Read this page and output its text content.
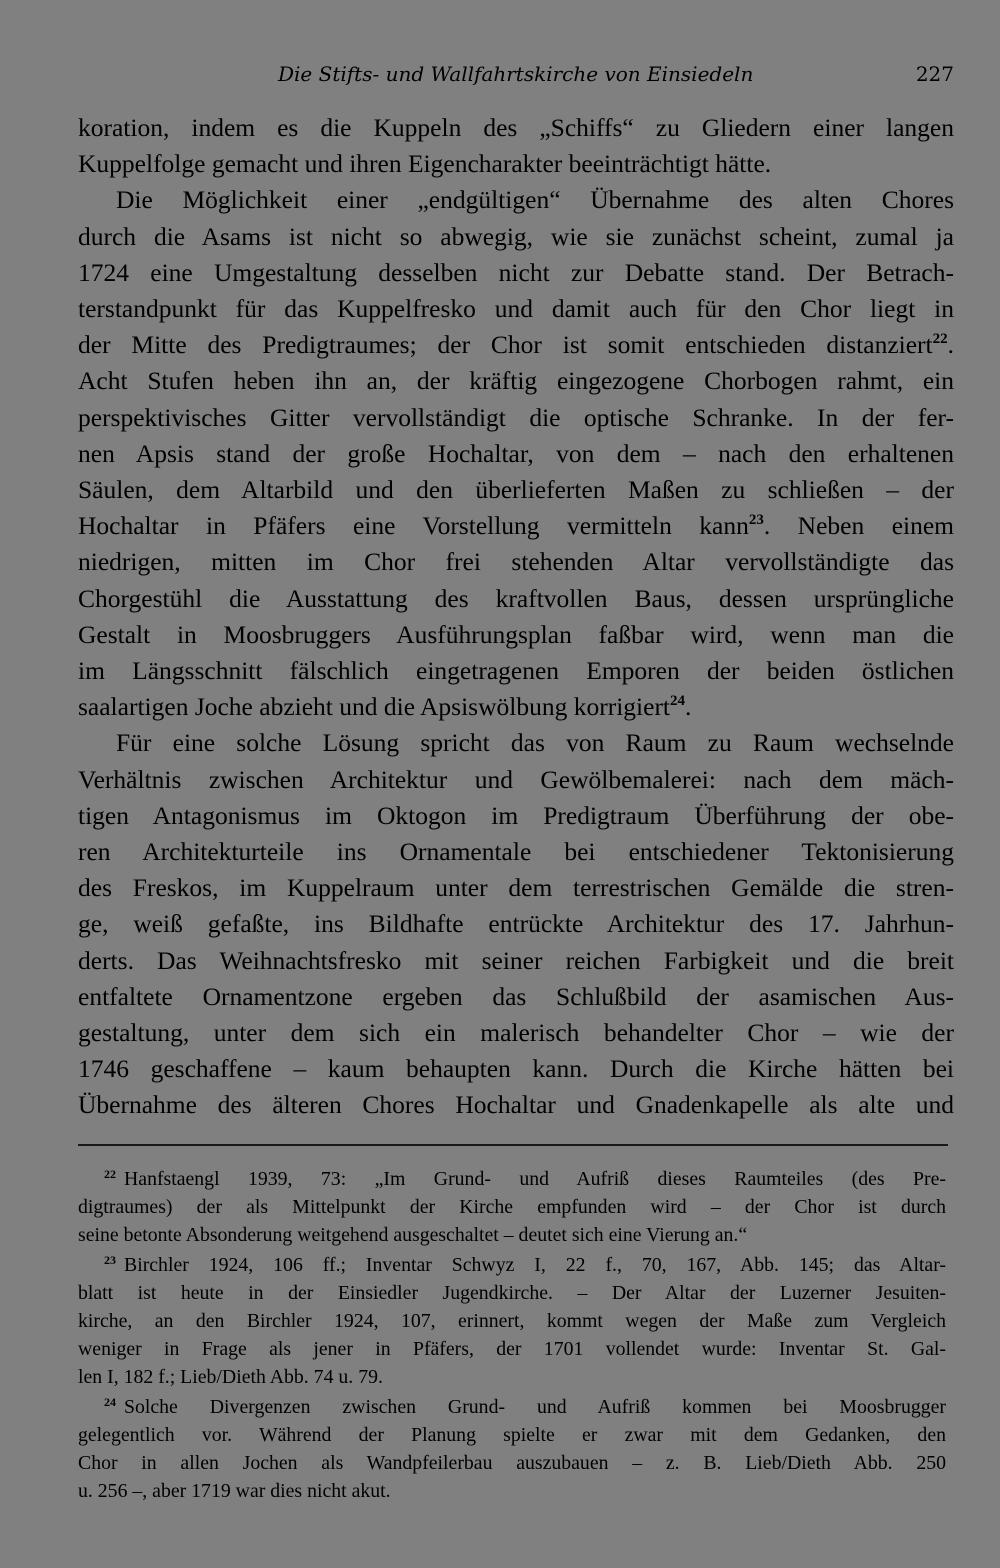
Die Stifts- und Wallfahrtskirche von Einsiedeln	227
koration, indem es die Kuppeln des „Schiffs“ zu Gliedern einer langen
Kuppelfolge gemacht und ihren Eigencharakter beeinträchtigt hätte.
Die Möglichkeit einer „endgültigen“ Übernahme des alten Chores
durch die Asams ist nicht so abwegig, wie sie zunächst scheint, zumal ja
1724 eine Umgestaltung desselben nicht zur Debatte stand. Der Betrach-
terstandpunkt für das Kuppelfresko und damit auch für den Chor liegt in
der Mitte des Predigtraumes; der Chor ist somit entschieden distanziert$^{22}$.
Acht Stufen heben ihn an, der kräftig eingezogene Chorbogen rahmt, ein
perspektivisches Gitter vervollständigt die optische Schranke. In der fer-
nen Apsis stand der große Hochaltar, von dem – nach den erhaltenen
Säulen, dem Altarbild und den überlieferten Maßen zu schließen – der
Hochaltar in Pfäfers eine Vorstellung vermitteln kann$^{23}$. Neben einem
niedrigen, mitten im Chor frei stehenden Altar vervollständigte das
Chorgestühl die Ausstattung des kraftvollen Baus, dessen ursprüngliche
Gestalt in Moosbruggers Ausführungsplan faßbar wird, wenn man die
im Längsschnitt fälschlich eingetragenen Emporen der beiden östlichen
saalartigen Joche abzieht und die Apsiswölbung korrigiert$^{24}$.
Für eine solche Lösung spricht das von Raum zu Raum wechselnde
Verhältnis zwischen Architektur und Gewölbemalerei: nach dem mäch-
tigen Antagonismus im Oktogon im Predigtraum Überführung der obe-
ren Architekturteile ins Ornamentale bei entschiedener Tektonisierung
des Freskos, im Kuppelraum unter dem terrestrischen Gemälde die stren-
ge, weiß gefaßte, ins Bildhafte entrückte Architektur des 17. Jahrhun-
derts. Das Weihnachtsfresko mit seiner reichen Farbigkeit und die breit
entfaltete Ornamentzone ergeben das Schlußbild der asamischen Aus-
gestaltung, unter dem sich ein malerisch behandelter Chor – wie der
1746 geschaffene – kaum behaupten kann. Durch die Kirche hätten bei
Übernahme des älteren Chores Hochaltar und Gnadenkapelle als alte und
$^{22}$ Hanfstaengl 1939, 73: „Im Grund- und Aufriß dieses Raumteiles (des Pre-
digtraumes) der als Mittelpunkt der Kirche empfunden wird – der Chor ist durch
seine betonte Absonderung weitgehend ausgeschaltet – deutet sich eine Vierung an.“
$^{23}$ Birchler 1924, 106 ff.; Inventar Schwyz I, 22 f., 70, 167, Abb. 145; das Altar-
blatt ist heute in der Einsiedler Jugendkirche. – Der Altar der Luzerner Jesuiten-
kirche, an den Birchler 1924, 107, erinnert, kommt wegen der Maße zum Vergleich
weniger in Frage als jener in Pfäfers, der 1701 vollendet wurde: Inventar St. Gal-
len I, 182 f.; Lieb/Dieth Abb. 74 u. 79.
$^{24}$ Solche Divergenzen zwischen Grund- und Aufriß kommen bei Moosbrugger
gelegentlich vor. Während der Planung spielte er zwar mit dem Gedanken, den
Chor in allen Jochen als Wandpfeilerbau auszubauen – z. B. Lieb/Dieth Abb. 250
u. 256 –, aber 1719 war dies nicht akut.
